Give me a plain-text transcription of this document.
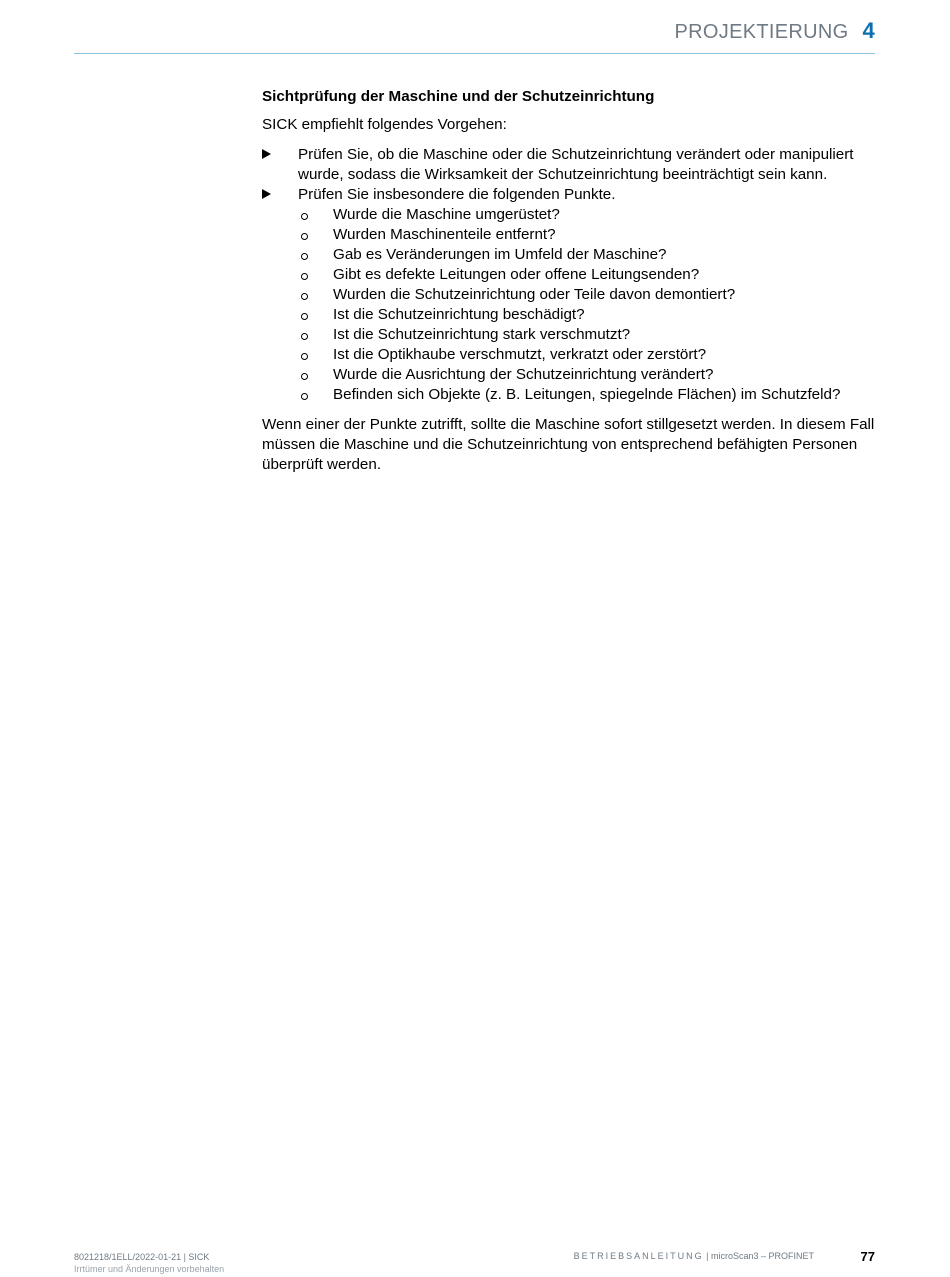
PROJEKTIERUNG 4
Sichtprüfung der Maschine und der Schutzeinrichtung

SICK empfiehlt folgendes Vorgehen:

Prüfen Sie, ob die Maschine oder die Schutzeinrichtung verändert oder manipuliert wurde, sodass die Wirksamkeit der Schutzeinrichtung beeinträchtigt sein kann.
Prüfen Sie insbesondere die folgenden Punkte.
Wurde die Maschine umgerüstet?
Wurden Maschinenteile entfernt?
Gab es Veränderungen im Umfeld der Maschine?
Gibt es defekte Leitungen oder offene Leitungsenden?
Wurden die Schutzeinrichtung oder Teile davon demontiert?
Ist die Schutzeinrichtung beschädigt?
Ist die Schutzeinrichtung stark verschmutzt?
Ist die Optikhaube verschmutzt, verkratzt oder zerstört?
Wurde die Ausrichtung der Schutzeinrichtung verändert?
Befinden sich Objekte (z. B. Leitungen, spiegelnde Flächen) im Schutzfeld?

Wenn einer der Punkte zutrifft, sollte die Maschine sofort stillgesetzt werden. In diesem Fall müssen die Maschine und die Schutzeinrichtung von entsprechend befähigten Personen überprüft werden.

8021218/1ELL/2022-01-21 | SICK
Irrtümer und Änderungen vorbehalten
BETRIEBSANLEITUNG | microScan3 – PROFINET	77
